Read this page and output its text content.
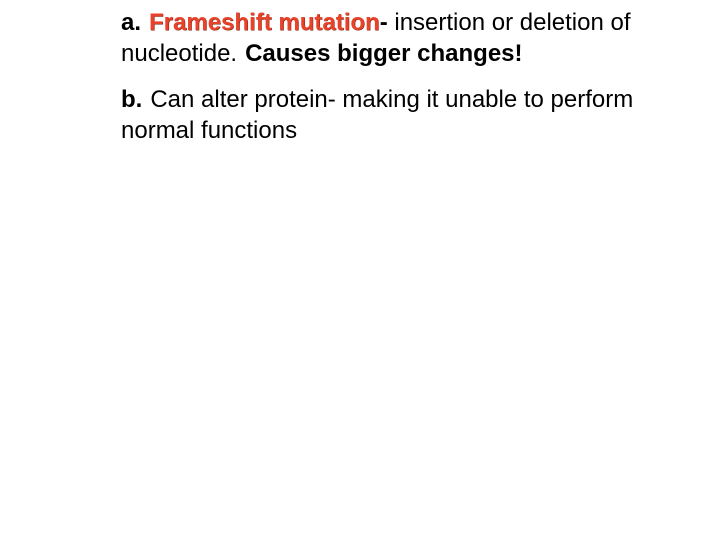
a. Frameshift mutation- insertion or deletion of nucleotide. Causes bigger changes!

b. Can alter protein- making it unable to perform normal functions
